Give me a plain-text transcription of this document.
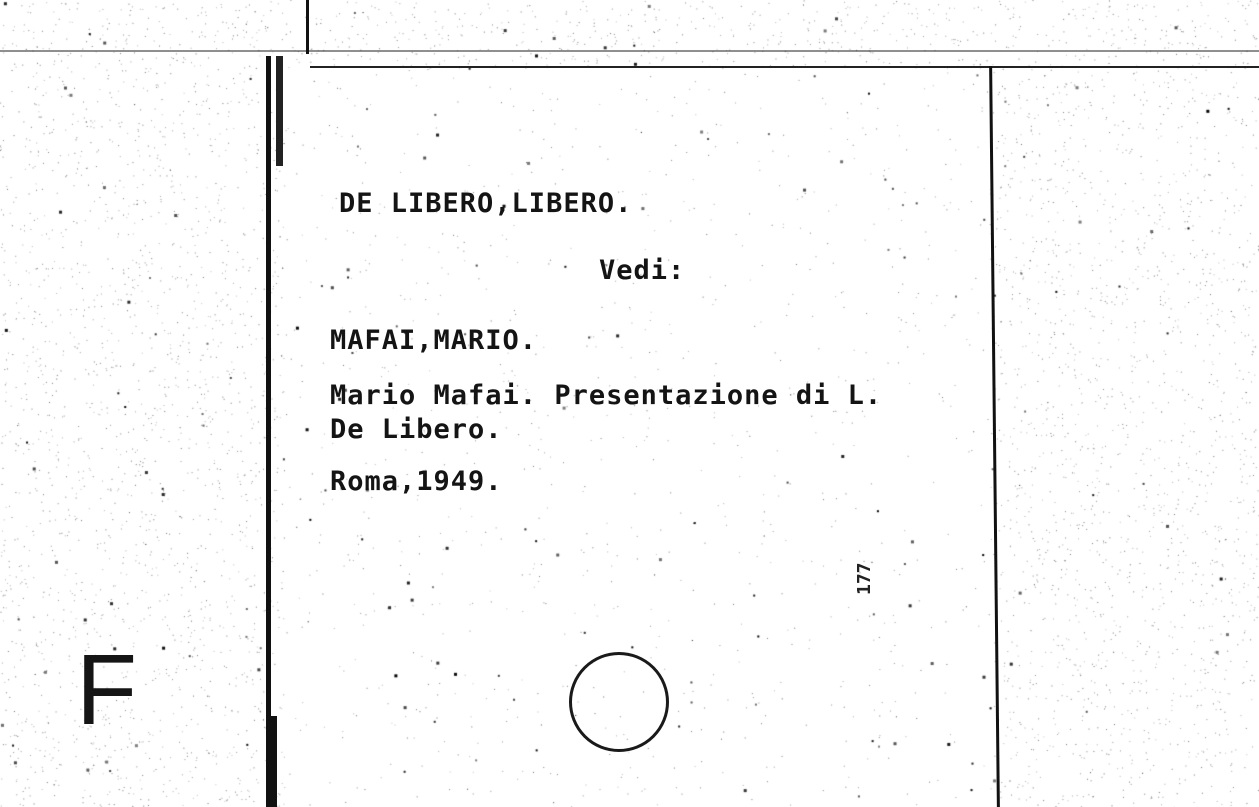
DE LIBERO,LIBERO.
Vedi:
MAFAI,MARIO.
Mario Mafai. Presentazione di L.
De Libero.
Roma,1949.
177
F
